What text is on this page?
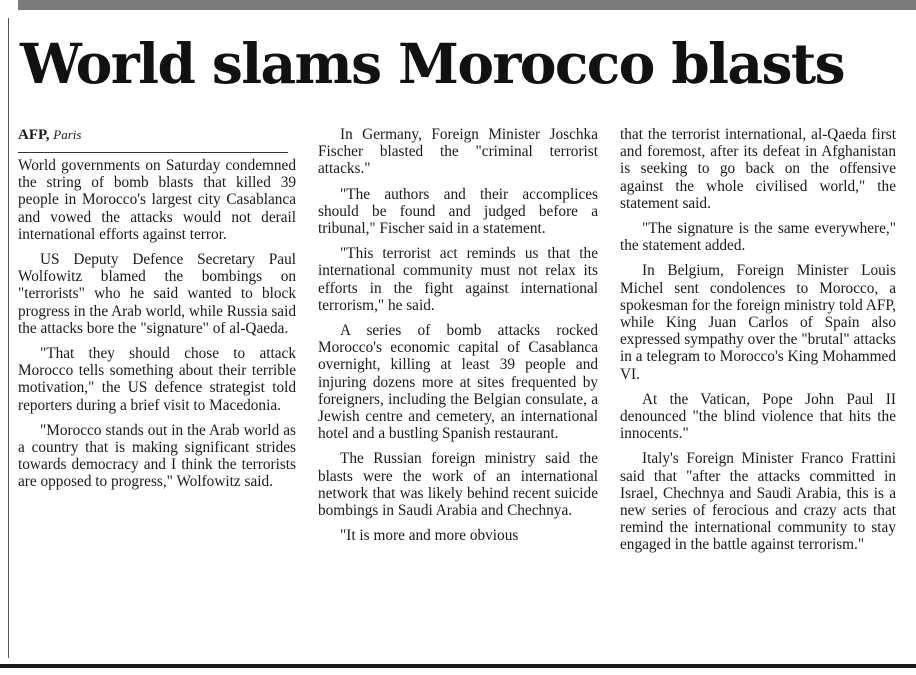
World slams Morocco blasts
AFP, Paris

World governments on Saturday condemned the string of bomb blasts that killed 39 people in Morocco's largest city Casablanca and vowed the attacks would not derail international efforts against terror.

US Deputy Defence Secretary Paul Wolfowitz blamed the bombings on "terrorists" who he said wanted to block progress in the Arab world, while Russia said the attacks bore the "signature" of al-Qaeda.

"That they should chose to attack Morocco tells something about their terrible motivation," the US defence strategist told reporters during a brief visit to Macedonia.

"Morocco stands out in the Arab world as a country that is making significant strides towards democracy and I think the terrorists are opposed to progress," Wolfowitz said.

In Germany, Foreign Minister Joschka Fischer blasted the "criminal terrorist attacks."

"The authors and their accomplices should be found and judged before a tribunal," Fischer said in a statement.

"This terrorist act reminds us that the international community must not relax its efforts in the fight against international terrorism," he said.

A series of bomb attacks rocked Morocco's economic capital of Casablanca overnight, killing at least 39 people and injuring dozens more at sites frequented by foreigners, including the Belgian consulate, a Jewish centre and cemetery, an international hotel and a bustling Spanish restaurant.

The Russian foreign ministry said the blasts were the work of an international network that was likely behind recent suicide bombings in Saudi Arabia and Chechnya.

"It is more and more obvious

that the terrorist international, al-Qaeda first and foremost, after its defeat in Afghanistan is seeking to go back on the offensive against the whole civilised world," the statement said.

"The signature is the same everywhere," the statement added.

In Belgium, Foreign Minister Louis Michel sent condolences to Morocco, a spokesman for the foreign ministry told AFP, while King Juan Carlos of Spain also expressed sympathy over the "brutal" attacks in a telegram to Morocco's King Mohammed VI.

At the Vatican, Pope John Paul II denounced "the blind violence that hits the innocents."

Italy's Foreign Minister Franco Frattini said that "after the attacks committed in Israel, Chechnya and Saudi Arabia, this is a new series of ferocious and crazy acts that remind the international community to stay engaged in the battle against terrorism."
